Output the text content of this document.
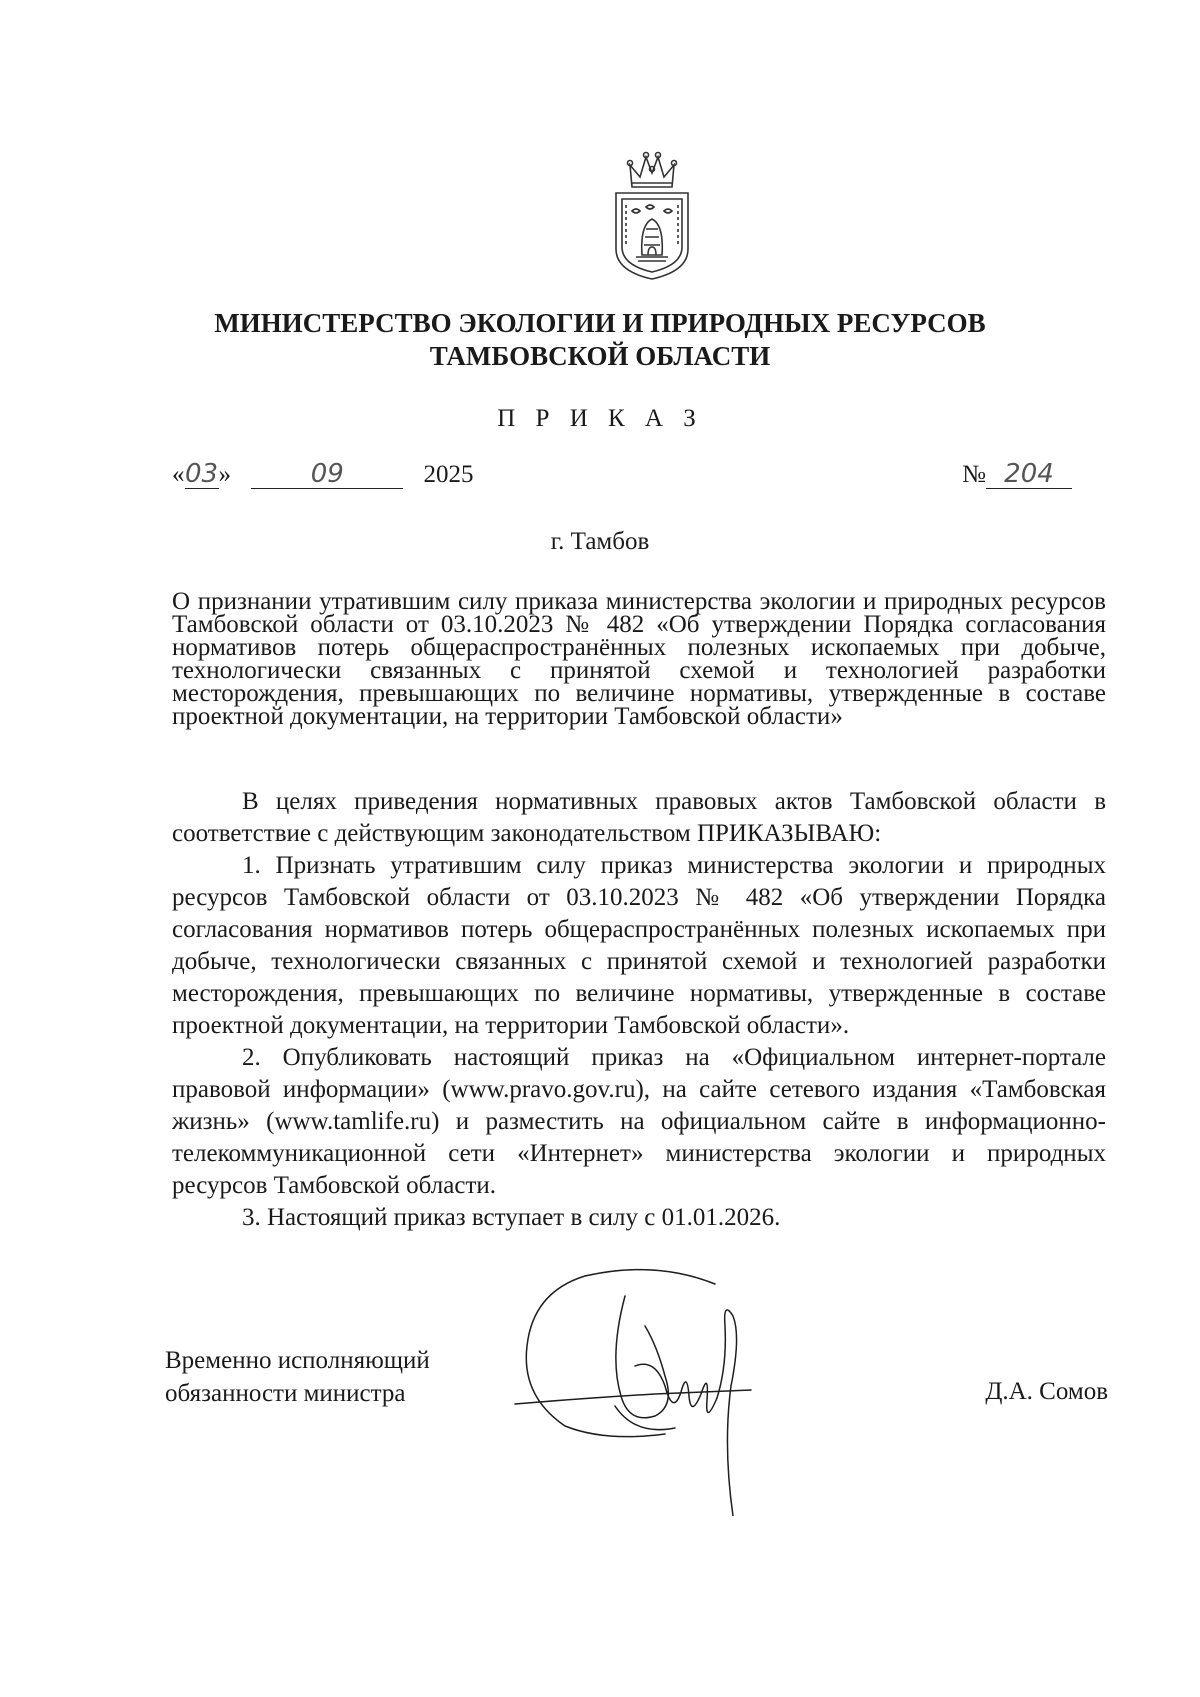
МИНИСТЕРСТВО ЭКОЛОГИИ И ПРИРОДНЫХ РЕСУРСОВ
ТАМБОВСКОЙ ОБЛАСТИ
П Р И К А З
«03»	09	2025	№ 204
г. Тамбов
О признании утратившим силу приказа министерства экологии и природных ресурсов Тамбовской области от 03.10.2023 № 482 «Об утверждении Порядка согласования нормативов потерь общераспространённых полезных ископаемых при добыче, технологически связанных с принятой схемой и технологией разработки месторождения, превышающих по величине нормативы, утвержденные в составе проектной документации, на территории Тамбовской области»

В целях приведения нормативных правовых актов Тамбовской области в соответствие с действующим законодательством ПРИКАЗЫВАЮ:

1. Признать утратившим силу приказ министерства экологии и природных ресурсов Тамбовской области от 03.10.2023 № 482 «Об утверждении Порядка согласования нормативов потерь общераспространённых полезных ископаемых при добыче, технологически связанных с принятой схемой и технологией разработки месторождения, превышающих по величине нормативы, утвержденные в составе проектной документации, на территории Тамбовской области».

2. Опубликовать настоящий приказ на «Официальном интернет-портале правовой информации» (www.pravo.gov.ru), на сайте сетевого издания «Тамбовская жизнь» (www.tamlife.ru) и разместить на официальном сайте в информационно-телекоммуникационной сети «Интернет» министерства экологии и природных ресурсов Тамбовской области.

3. Настоящий приказ вступает в силу с 01.01.2026.

Временно исполняющий
обязанности министра	Д.А. Сомов
